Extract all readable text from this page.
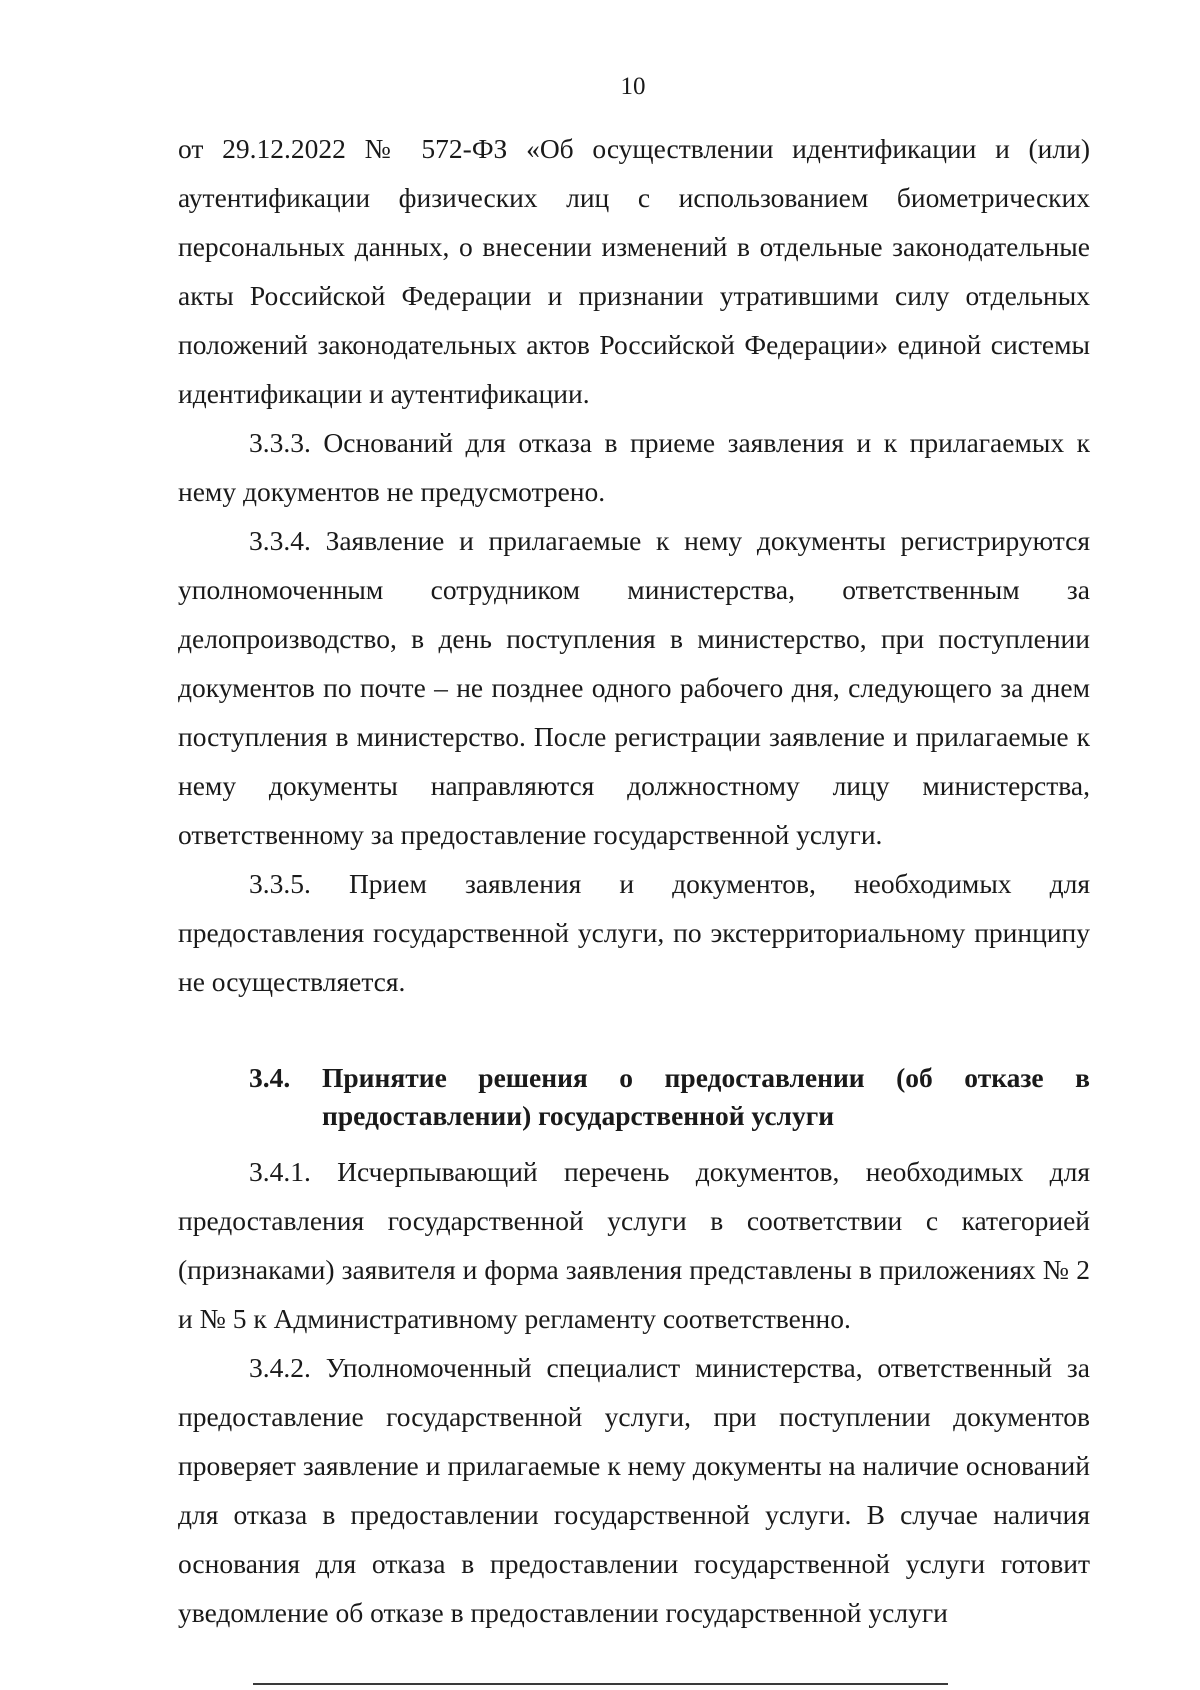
10

от 29.12.2022 № 572-ФЗ «Об осуществлении идентификации и (или) аутентификации физических лиц с использованием биометрических персональных данных, о внесении изменений в отдельные законодательные акты Российской Федерации и признании утратившими силу отдельных положений законодательных актов Российской Федерации» единой системы идентификации и аутентификации.

3.3.3. Оснований для отказа в приеме заявления и к прилагаемых к нему документов не предусмотрено.

3.3.4. Заявление и прилагаемые к нему документы регистрируются уполномоченным сотрудником министерства, ответственным за делопроизводство, в день поступления в министерство, при поступлении документов по почте – не позднее одного рабочего дня, следующего за днем поступления в министерство. После регистрации заявление и прилагаемые к нему документы направляются должностному лицу министерства, ответственному за предоставление государственной услуги.

3.3.5. Прием заявления и документов, необходимых для предоставления государственной услуги, по экстерриториальному принципу не осуществляется.

3.4. Принятие решения о предоставлении (об отказе в предоставлении) государственной услуги

3.4.1. Исчерпывающий перечень документов, необходимых для предоставления государственной услуги в соответствии с категорией (признаками) заявителя и форма заявления представлены в приложениях № 2 и № 5 к Административному регламенту соответственно.

3.4.2. Уполномоченный специалист министерства, ответственный за предоставление государственной услуги, при поступлении документов проверяет заявление и прилагаемые к нему документы на наличие оснований для отказа в предоставлении государственной услуги. В случае наличия основания для отказа в предоставлении государственной услуги готовит уведомление об отказе в предоставлении государственной услуги
